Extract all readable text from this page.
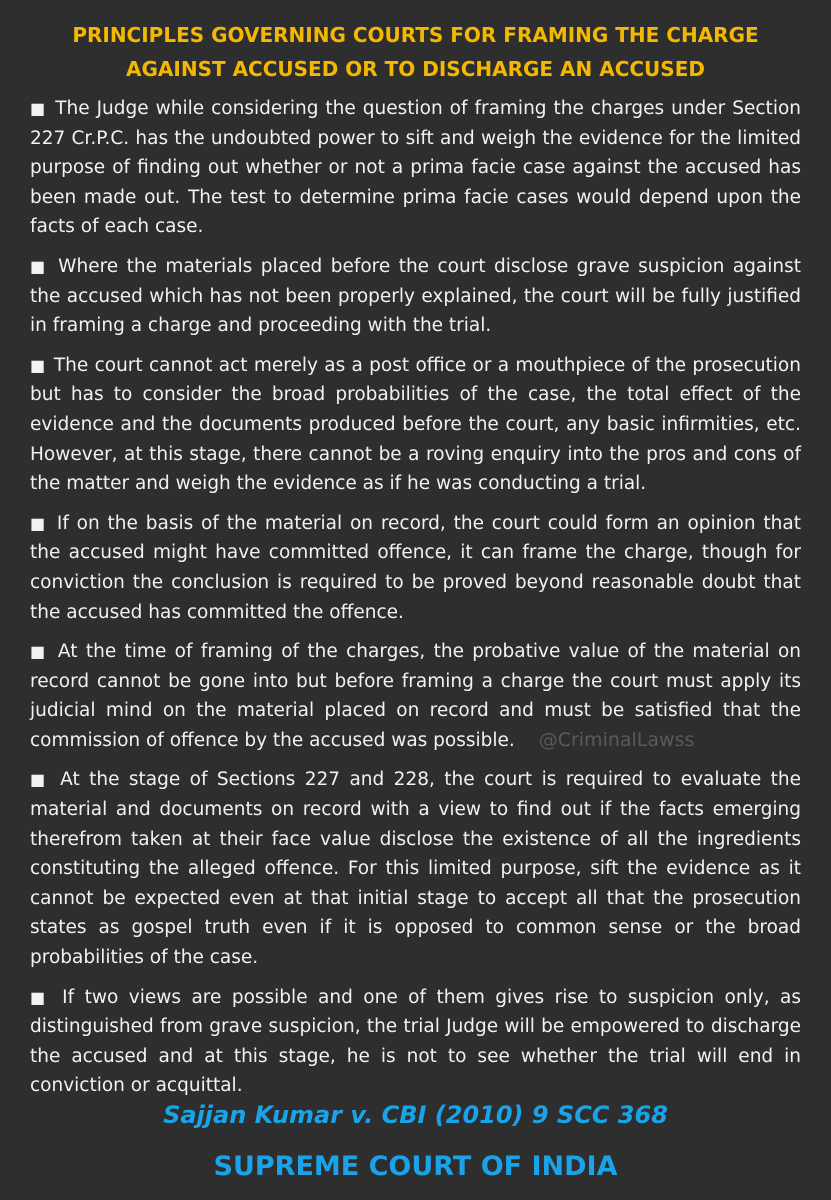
PRINCIPLES GOVERNING COURTS FOR FRAMING THE CHARGE
AGAINST ACCUSED OR TO DISCHARGE AN ACCUSED

■ The Judge while considering the question of framing the charges under Section 227 Cr.P.C. has the undoubted power to sift and weigh the evidence for the limited purpose of finding out whether or not a prima facie case against the accused has been made out. The test to determine prima facie cases would depend upon the facts of each case.

■ Where the materials placed before the court disclose grave suspicion against the accused which has not been properly explained, the court will be fully justified in framing a charge and proceeding with the trial.

■ The court cannot act merely as a post office or a mouthpiece of the prosecution but has to consider the broad probabilities of the case, the total effect of the evidence and the documents produced before the court, any basic infirmities, etc. However, at this stage, there cannot be a roving enquiry into the pros and cons of the matter and weigh the evidence as if he was conducting a trial.

■ If on the basis of the material on record, the court could form an opinion that the accused might have committed offence, it can frame the charge, though for conviction the conclusion is required to be proved beyond reasonable doubt that the accused has committed the offence.

■ At the time of framing of the charges, the probative value of the material on record cannot be gone into but before framing a charge the court must apply its judicial mind on the material placed on record and must be satisfied that the commission of offence by the accused was possible. @CriminalLawss

■ At the stage of Sections 227 and 228, the court is required to evaluate the material and documents on record with a view to find out if the facts emerging therefrom taken at their face value disclose the existence of all the ingredients constituting the alleged offence. For this limited purpose, sift the evidence as it cannot be expected even at that initial stage to accept all that the prosecution states as gospel truth even if it is opposed to common sense or the broad probabilities of the case.

■ If two views are possible and one of them gives rise to suspicion only, as distinguished from grave suspicion, the trial Judge will be empowered to discharge the accused and at this stage, he is not to see whether the trial will end in conviction or acquittal.

Sajjan Kumar v. CBI (2010) 9 SCC 368

SUPREME COURT OF INDIA
